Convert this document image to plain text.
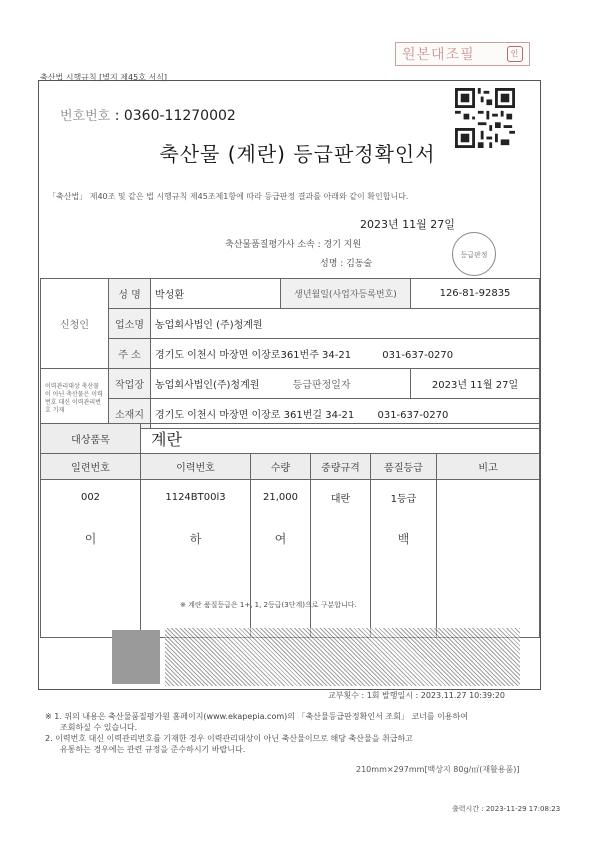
원본대조필	인
축산법 시행규칙 [별지 제45호 서식]
번호번호 : 0360-11270002
축산물 (계란) 등급판정확인서
「축산법」 제40조 및 같은 법 시행규칙 제45조제1항에 따라 등급판정 결과를 아래와 같이 확인합니다.
2023년 11월 27일
축산물품질평가사 소속 : 경기 지원
성명 : 김동술
등급판정
신청인	성 명	박성환	생년월일(사업자등록번호)	126-81-92835
	업소명	농업회사법인 (주)청계원		
	주 소	경기도 이천시 마장면 이장로361번주 34-21 031-637-0270		
이력관리대상 축산물이 아닌 축산물은 이력번호 대신 이력관리번호 기재	작업장	농업회사법인(주)청계원 등급판정일자		2023년 11월 27일
	소재지	경기도 이천시 마장면 이장로 361번길 34-21 031-637-0270		
대상품목	계란				
일련번호	이력번호	수량	중량규격	품질등급	비고
002	1124BT00l3	21,000	대란	1등급	
이	하	여		백	

※ 계란 품질등급은 1+, 1, 2등급(3단계)으로 구분합니다.
교부횟수 : 1회 발행일시 : 2023.11.27 10:39:20
※ 1. 위의 내용은 축산물품질평가원 홈페이지(www.ekapepia.com)의 「축산물등급판정확인서 조회」 코너를 이용하여
조회하실 수 있습니다.
2. 이력번호 대신 이력관리번호를 기재한 경우 이력관리대상이 아닌 축산물이므로 해당 축산물을 취급하고
유통하는 경우에는 관련 규정을 준수하시기 바랍니다.
210mm×297mm[백상지 80g/㎡(재활용품)]
출력시간 : 2023-11-29 17:08:23
